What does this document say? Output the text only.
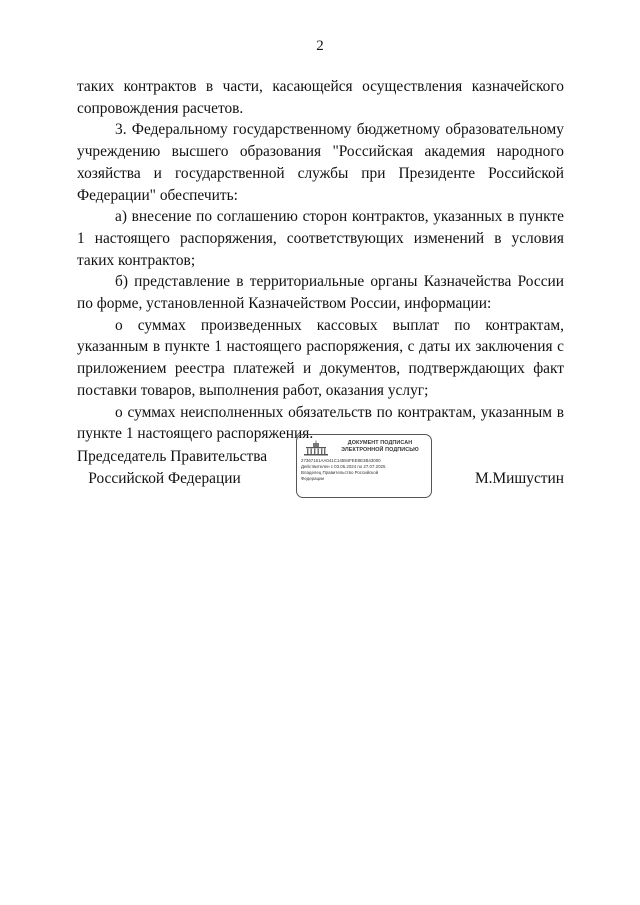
2

таких контрактов в части, касающейся осуществления казначейского сопровождения расчетов.

3. Федеральному государственному бюджетному образовательному учреждению высшего образования "Российская академия народного хозяйства и государственной службы при Президенте Российской Федерации" обеспечить:

а) внесение по соглашению сторон контрактов, указанных в пункте 1 настоящего распоряжения, соответствующих изменений в условия таких контрактов;

б) представление в территориальные органы Казначейства России по форме, установленной Казначейством России, информации:

о суммах произведенных кассовых выплат по контрактам, указанным в пункте 1 настоящего распоряжения, с даты их заключения с приложением реестра платежей и документов, подтверждающих факт поставки товаров, выполнения работ, оказания услуг;

о суммах неисполненных обязательств по контрактам, указанным в пункте 1 настоящего распоряжения.

Председатель Правительства
Российской Федерации
ДОКУМЕНТ ПОДПИСАН
ЭЛЕКТРОННОЙ ПОДПИСЬЮ
27367161AA041C14584FEE8E3B43000
Действителен с 03.05.2024 по 27.07.2025
Владелец Правительство Российской
Федерации	М.Мишустин
